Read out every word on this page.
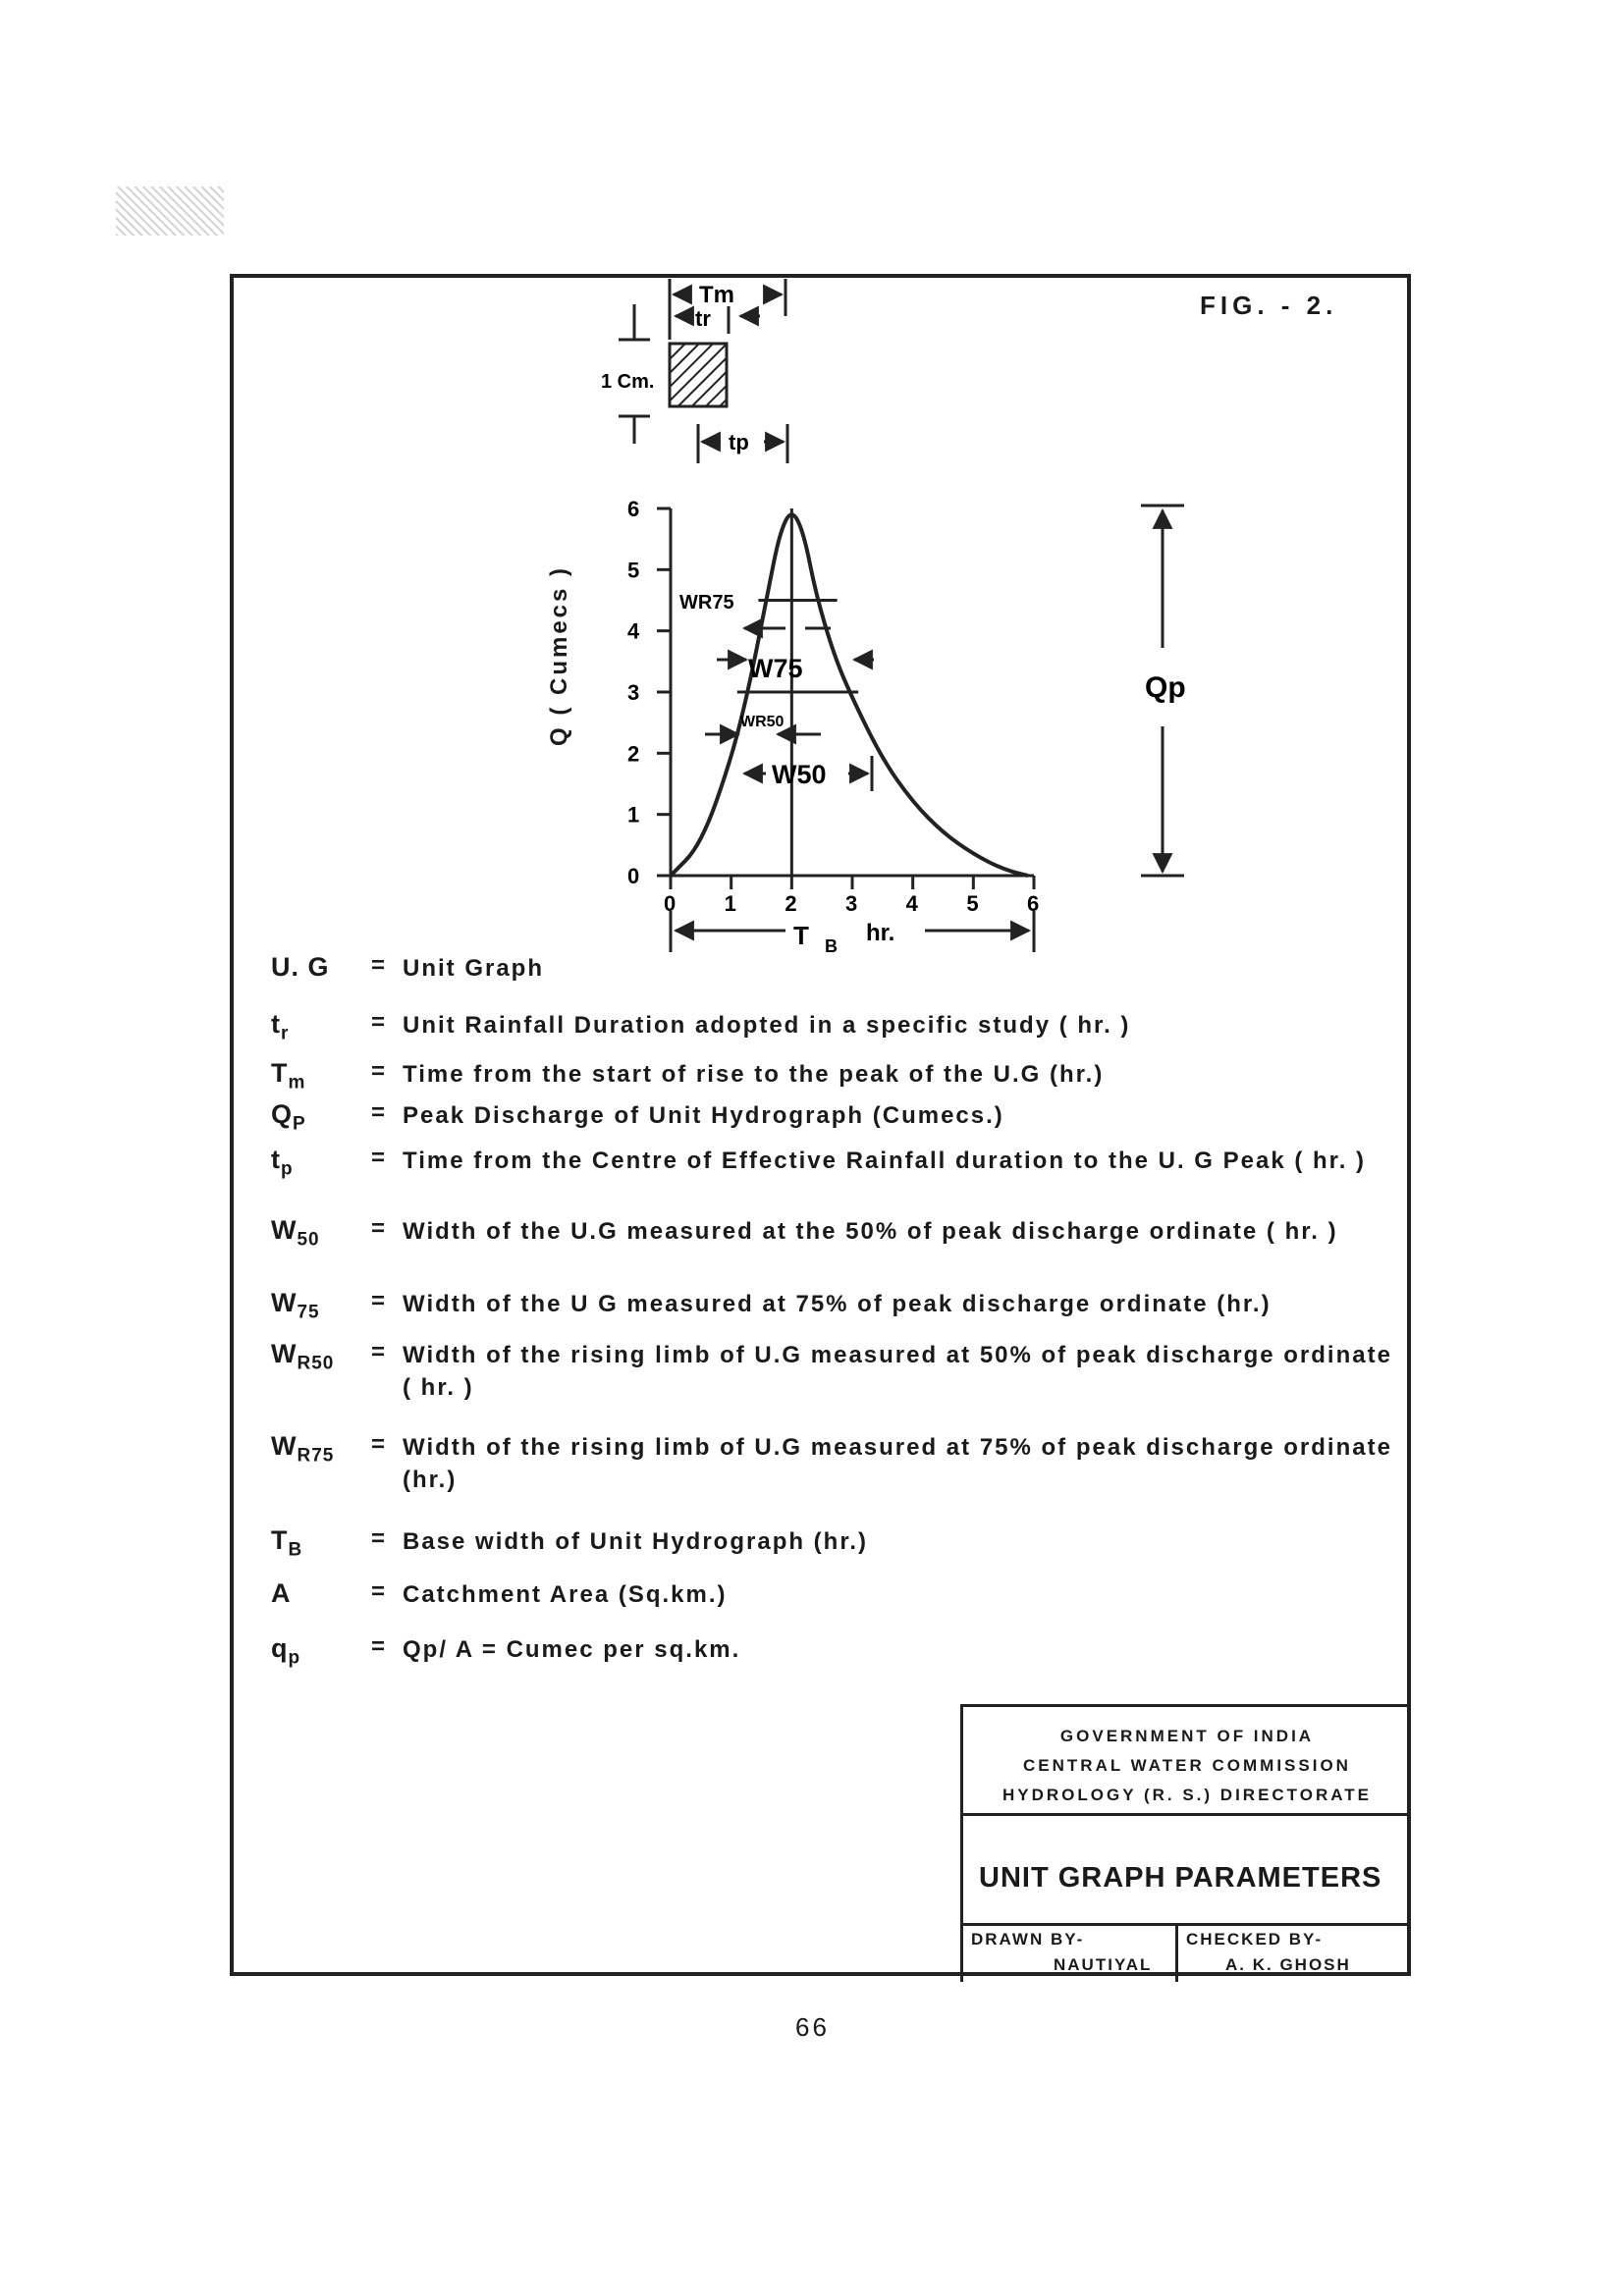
FIG. - 2.
1 Cm.
Tm
tr
tp
0
1
2
3
4
5
6
0 1 2 3 4 5 6
WR75
W75
WR50
W50
Qp
T B hr.
Q ( Cumecs )
U. G = Unit Graph
$t_r$	= Unit Rainfall Duration adopted in a specific study ( hr. )
$T_m$	= Time from the start of rise to the peak of the U.G (hr.)
$Q_P$	= Peak Discharge of Unit Hydrograph (Cumecs.)
$t_p$	= Time from the Centre of Effective Rainfall duration to the U. G Peak ( hr. )
$W_{50}$ = Width of the U.G measured at the 50% of peak discharge ordinate ( hr. )
$W_{75}$ = Width of the U G measured at 75% of peak discharge ordinate (hr.)
$W_{R50}$ = Width of the rising limb of U.G measured at 50% of peak discharge ordinate ( hr. )
$W_{R75}$ = Width of the rising limb of U.G measured at 75% of peak discharge ordinate (hr.)
$T_B$	= Base width of Unit Hydrograph (hr.)
A	= Catchment Area (Sq.km.)
$q_p$	= Qp/ A = Cumec per sq.km.
GOVERNMENT OF INDIA
CENTRAL WATER COMMISSION
HYDROLOGY (R. S.) DIRECTORATE
UNIT GRAPH PARAMETERS
DRAWN BY-
NAUTIYAL
CHECKED BY-
A. K. GHOSH
66
